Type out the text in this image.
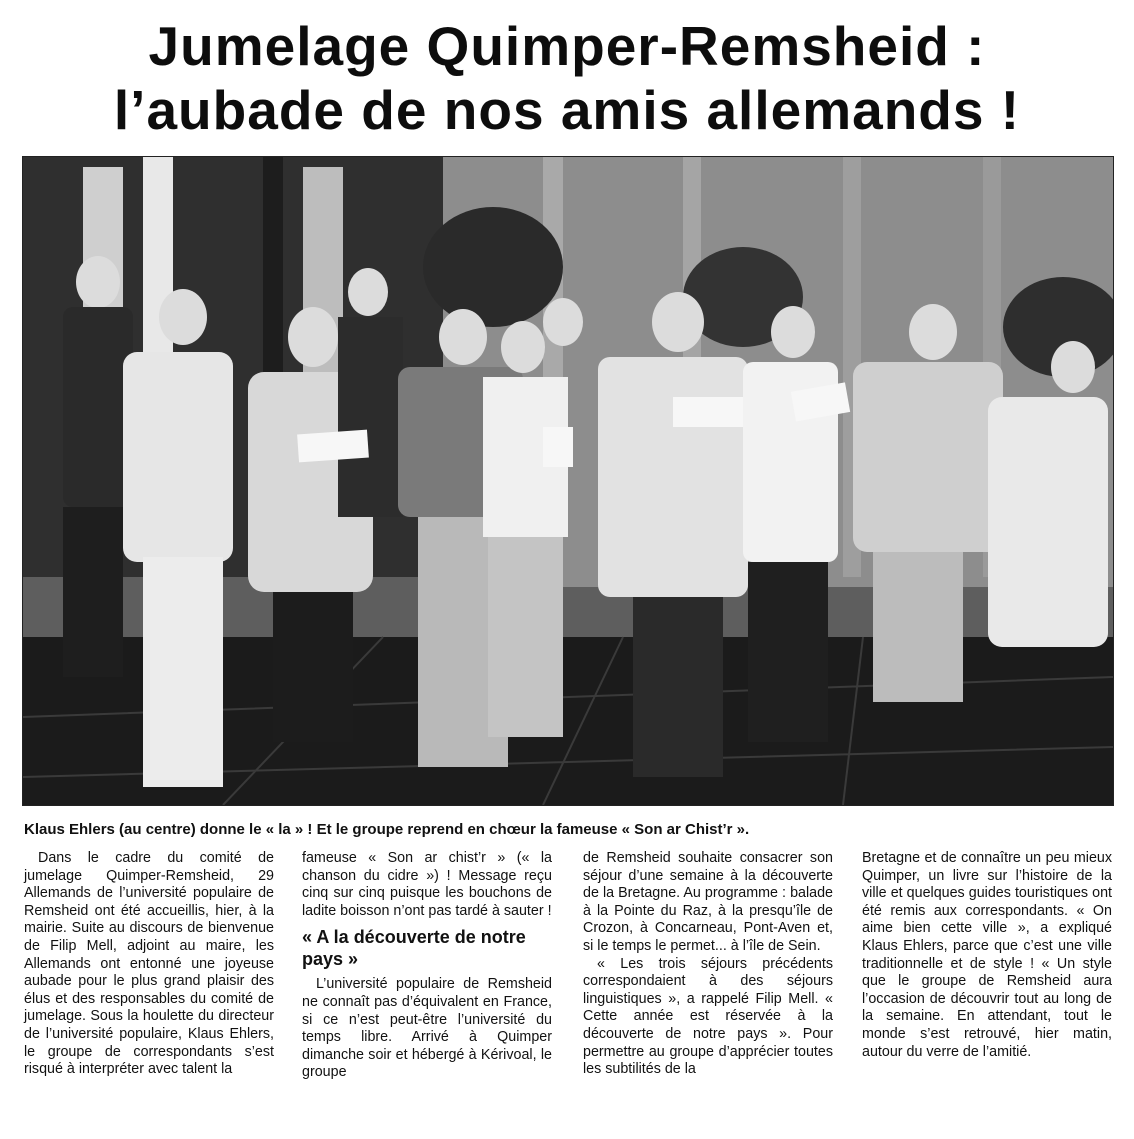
Jumelage Quimper-Remsheid :
l’aubade de nos amis allemands !
Klaus Ehlers (au centre) donne le « la » ! Et le groupe reprend en chœur la fameuse « Son ar Chist’r ».

Dans le cadre du comité de jumelage Quimper-Remsheid, 29 Allemands de l’université populaire de Remsheid ont été accueillis, hier, à la mairie. Suite au discours de bienvenue de Filip Mell, adjoint au maire, les Allemands ont entonné une joyeuse aubade pour le plus grand plaisir des élus et des responsables du comité de jumelage. Sous la houlette du directeur de l’université populaire, Klaus Ehlers, le groupe de correspondants s’est risqué à interpréter avec talent la

fameuse « Son ar chist’r » (« la chanson du cidre ») ! Message reçu cinq sur cinq puisque les bouchons de ladite boisson n’ont pas tardé à sauter !

« A la découverte de notre pays »

L’université populaire de Remsheid ne connaît pas d’équivalent en France, si ce n’est peut-être l’université du temps libre. Arrivé à Quimper dimanche soir et hébergé à Kérivoal, le groupe

de Remsheid souhaite consacrer son séjour d’une semaine à la découverte de la Bretagne. Au programme : balade à la Pointe du Raz, à la presqu’île de Crozon, à Concarneau, Pont-Aven et, si le temps le permet... à l’île de Sein.

« Les trois séjours précédents correspondaient à des séjours linguistiques », a rappelé Filip Mell. « Cette année est réservée à la découverte de notre pays ». Pour permettre au groupe d’apprécier toutes les subtilités de la

Bretagne et de connaître un peu mieux Quimper, un livre sur l’histoire de la ville et quelques guides touristiques ont été remis aux correspondants. « On aime bien cette ville », a expliqué Klaus Ehlers, parce que c’est une ville traditionnelle et de style ! « Un style que le groupe de Remsheid aura l’occasion de découvrir tout au long de la semaine. En attendant, tout le monde s’est retrouvé, hier matin, autour du verre de l’amitié.
